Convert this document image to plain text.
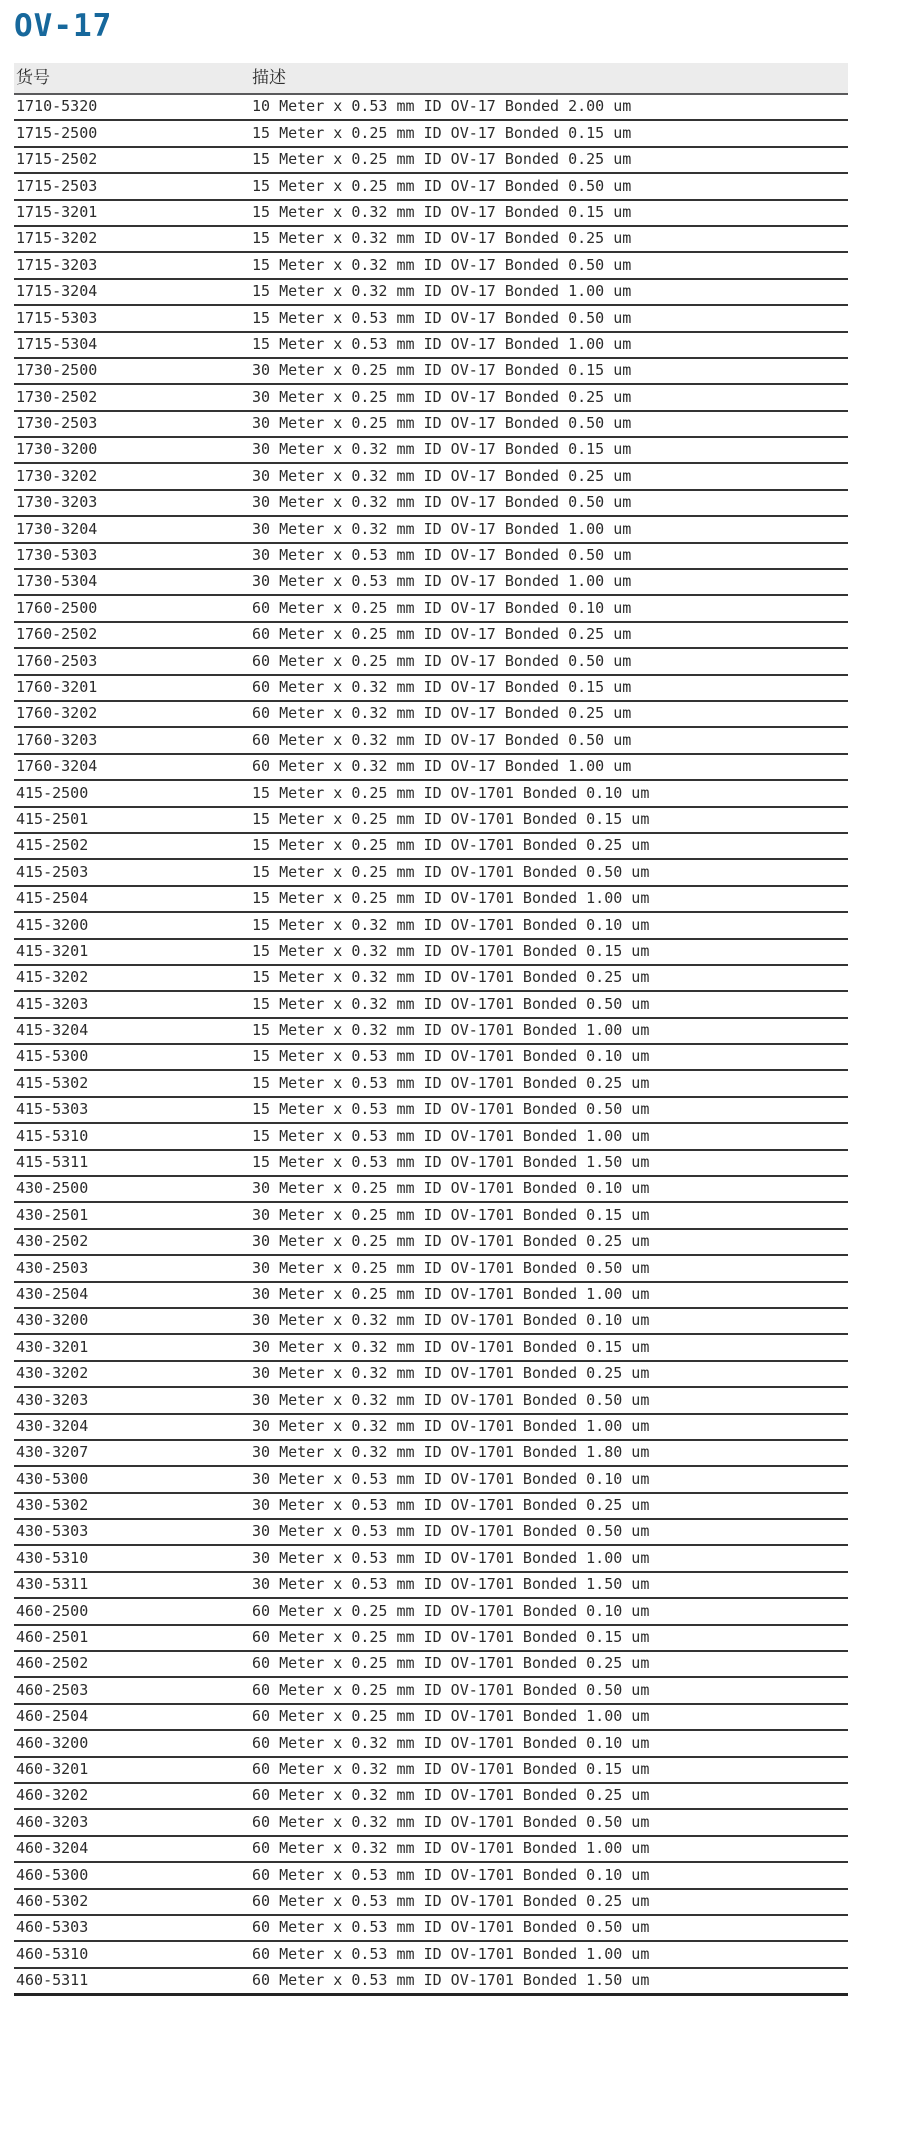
OV-17
货号	描述
1710-5320	10 Meter x 0.53 mm ID OV-17 Bonded 2.00 um
1715-2500	15 Meter x 0.25 mm ID OV-17 Bonded 0.15 um
1715-2502	15 Meter x 0.25 mm ID OV-17 Bonded 0.25 um
1715-2503	15 Meter x 0.25 mm ID OV-17 Bonded 0.50 um
1715-3201	15 Meter x 0.32 mm ID OV-17 Bonded 0.15 um
1715-3202	15 Meter x 0.32 mm ID OV-17 Bonded 0.25 um
1715-3203	15 Meter x 0.32 mm ID OV-17 Bonded 0.50 um
1715-3204	15 Meter x 0.32 mm ID OV-17 Bonded 1.00 um
1715-5303	15 Meter x 0.53 mm ID OV-17 Bonded 0.50 um
1715-5304	15 Meter x 0.53 mm ID OV-17 Bonded 1.00 um
1730-2500	30 Meter x 0.25 mm ID OV-17 Bonded 0.15 um
1730-2502	30 Meter x 0.25 mm ID OV-17 Bonded 0.25 um
1730-2503	30 Meter x 0.25 mm ID OV-17 Bonded 0.50 um
1730-3200	30 Meter x 0.32 mm ID OV-17 Bonded 0.15 um
1730-3202	30 Meter x 0.32 mm ID OV-17 Bonded 0.25 um
1730-3203	30 Meter x 0.32 mm ID OV-17 Bonded 0.50 um
1730-3204	30 Meter x 0.32 mm ID OV-17 Bonded 1.00 um
1730-5303	30 Meter x 0.53 mm ID OV-17 Bonded 0.50 um
1730-5304	30 Meter x 0.53 mm ID OV-17 Bonded 1.00 um
1760-2500	60 Meter x 0.25 mm ID OV-17 Bonded 0.10 um
1760-2502	60 Meter x 0.25 mm ID OV-17 Bonded 0.25 um
1760-2503	60 Meter x 0.25 mm ID OV-17 Bonded 0.50 um
1760-3201	60 Meter x 0.32 mm ID OV-17 Bonded 0.15 um
1760-3202	60 Meter x 0.32 mm ID OV-17 Bonded 0.25 um
1760-3203	60 Meter x 0.32 mm ID OV-17 Bonded 0.50 um
1760-3204	60 Meter x 0.32 mm ID OV-17 Bonded 1.00 um
415-2500	15 Meter x 0.25 mm ID OV-1701 Bonded 0.10 um
415-2501	15 Meter x 0.25 mm ID OV-1701 Bonded 0.15 um
415-2502	15 Meter x 0.25 mm ID OV-1701 Bonded 0.25 um
415-2503	15 Meter x 0.25 mm ID OV-1701 Bonded 0.50 um
415-2504	15 Meter x 0.25 mm ID OV-1701 Bonded 1.00 um
415-3200	15 Meter x 0.32 mm ID OV-1701 Bonded 0.10 um
415-3201	15 Meter x 0.32 mm ID OV-1701 Bonded 0.15 um
415-3202	15 Meter x 0.32 mm ID OV-1701 Bonded 0.25 um
415-3203	15 Meter x 0.32 mm ID OV-1701 Bonded 0.50 um
415-3204	15 Meter x 0.32 mm ID OV-1701 Bonded 1.00 um
415-5300	15 Meter x 0.53 mm ID OV-1701 Bonded 0.10 um
415-5302	15 Meter x 0.53 mm ID OV-1701 Bonded 0.25 um
415-5303	15 Meter x 0.53 mm ID OV-1701 Bonded 0.50 um
415-5310	15 Meter x 0.53 mm ID OV-1701 Bonded 1.00 um
415-5311	15 Meter x 0.53 mm ID OV-1701 Bonded 1.50 um
430-2500	30 Meter x 0.25 mm ID OV-1701 Bonded 0.10 um
430-2501	30 Meter x 0.25 mm ID OV-1701 Bonded 0.15 um
430-2502	30 Meter x 0.25 mm ID OV-1701 Bonded 0.25 um
430-2503	30 Meter x 0.25 mm ID OV-1701 Bonded 0.50 um
430-2504	30 Meter x 0.25 mm ID OV-1701 Bonded 1.00 um
430-3200	30 Meter x 0.32 mm ID OV-1701 Bonded 0.10 um
430-3201	30 Meter x 0.32 mm ID OV-1701 Bonded 0.15 um
430-3202	30 Meter x 0.32 mm ID OV-1701 Bonded 0.25 um
430-3203	30 Meter x 0.32 mm ID OV-1701 Bonded 0.50 um
430-3204	30 Meter x 0.32 mm ID OV-1701 Bonded 1.00 um
430-3207	30 Meter x 0.32 mm ID OV-1701 Bonded 1.80 um
430-5300	30 Meter x 0.53 mm ID OV-1701 Bonded 0.10 um
430-5302	30 Meter x 0.53 mm ID OV-1701 Bonded 0.25 um
430-5303	30 Meter x 0.53 mm ID OV-1701 Bonded 0.50 um
430-5310	30 Meter x 0.53 mm ID OV-1701 Bonded 1.00 um
430-5311	30 Meter x 0.53 mm ID OV-1701 Bonded 1.50 um
460-2500	60 Meter x 0.25 mm ID OV-1701 Bonded 0.10 um
460-2501	60 Meter x 0.25 mm ID OV-1701 Bonded 0.15 um
460-2502	60 Meter x 0.25 mm ID OV-1701 Bonded 0.25 um
460-2503	60 Meter x 0.25 mm ID OV-1701 Bonded 0.50 um
460-2504	60 Meter x 0.25 mm ID OV-1701 Bonded 1.00 um
460-3200	60 Meter x 0.32 mm ID OV-1701 Bonded 0.10 um
460-3201	60 Meter x 0.32 mm ID OV-1701 Bonded 0.15 um
460-3202	60 Meter x 0.32 mm ID OV-1701 Bonded 0.25 um
460-3203	60 Meter x 0.32 mm ID OV-1701 Bonded 0.50 um
460-3204	60 Meter x 0.32 mm ID OV-1701 Bonded 1.00 um
460-5300	60 Meter x 0.53 mm ID OV-1701 Bonded 0.10 um
460-5302	60 Meter x 0.53 mm ID OV-1701 Bonded 0.25 um
460-5303	60 Meter x 0.53 mm ID OV-1701 Bonded 0.50 um
460-5310	60 Meter x 0.53 mm ID OV-1701 Bonded 1.00 um
460-5311	60 Meter x 0.53 mm ID OV-1701 Bonded 1.50 um
